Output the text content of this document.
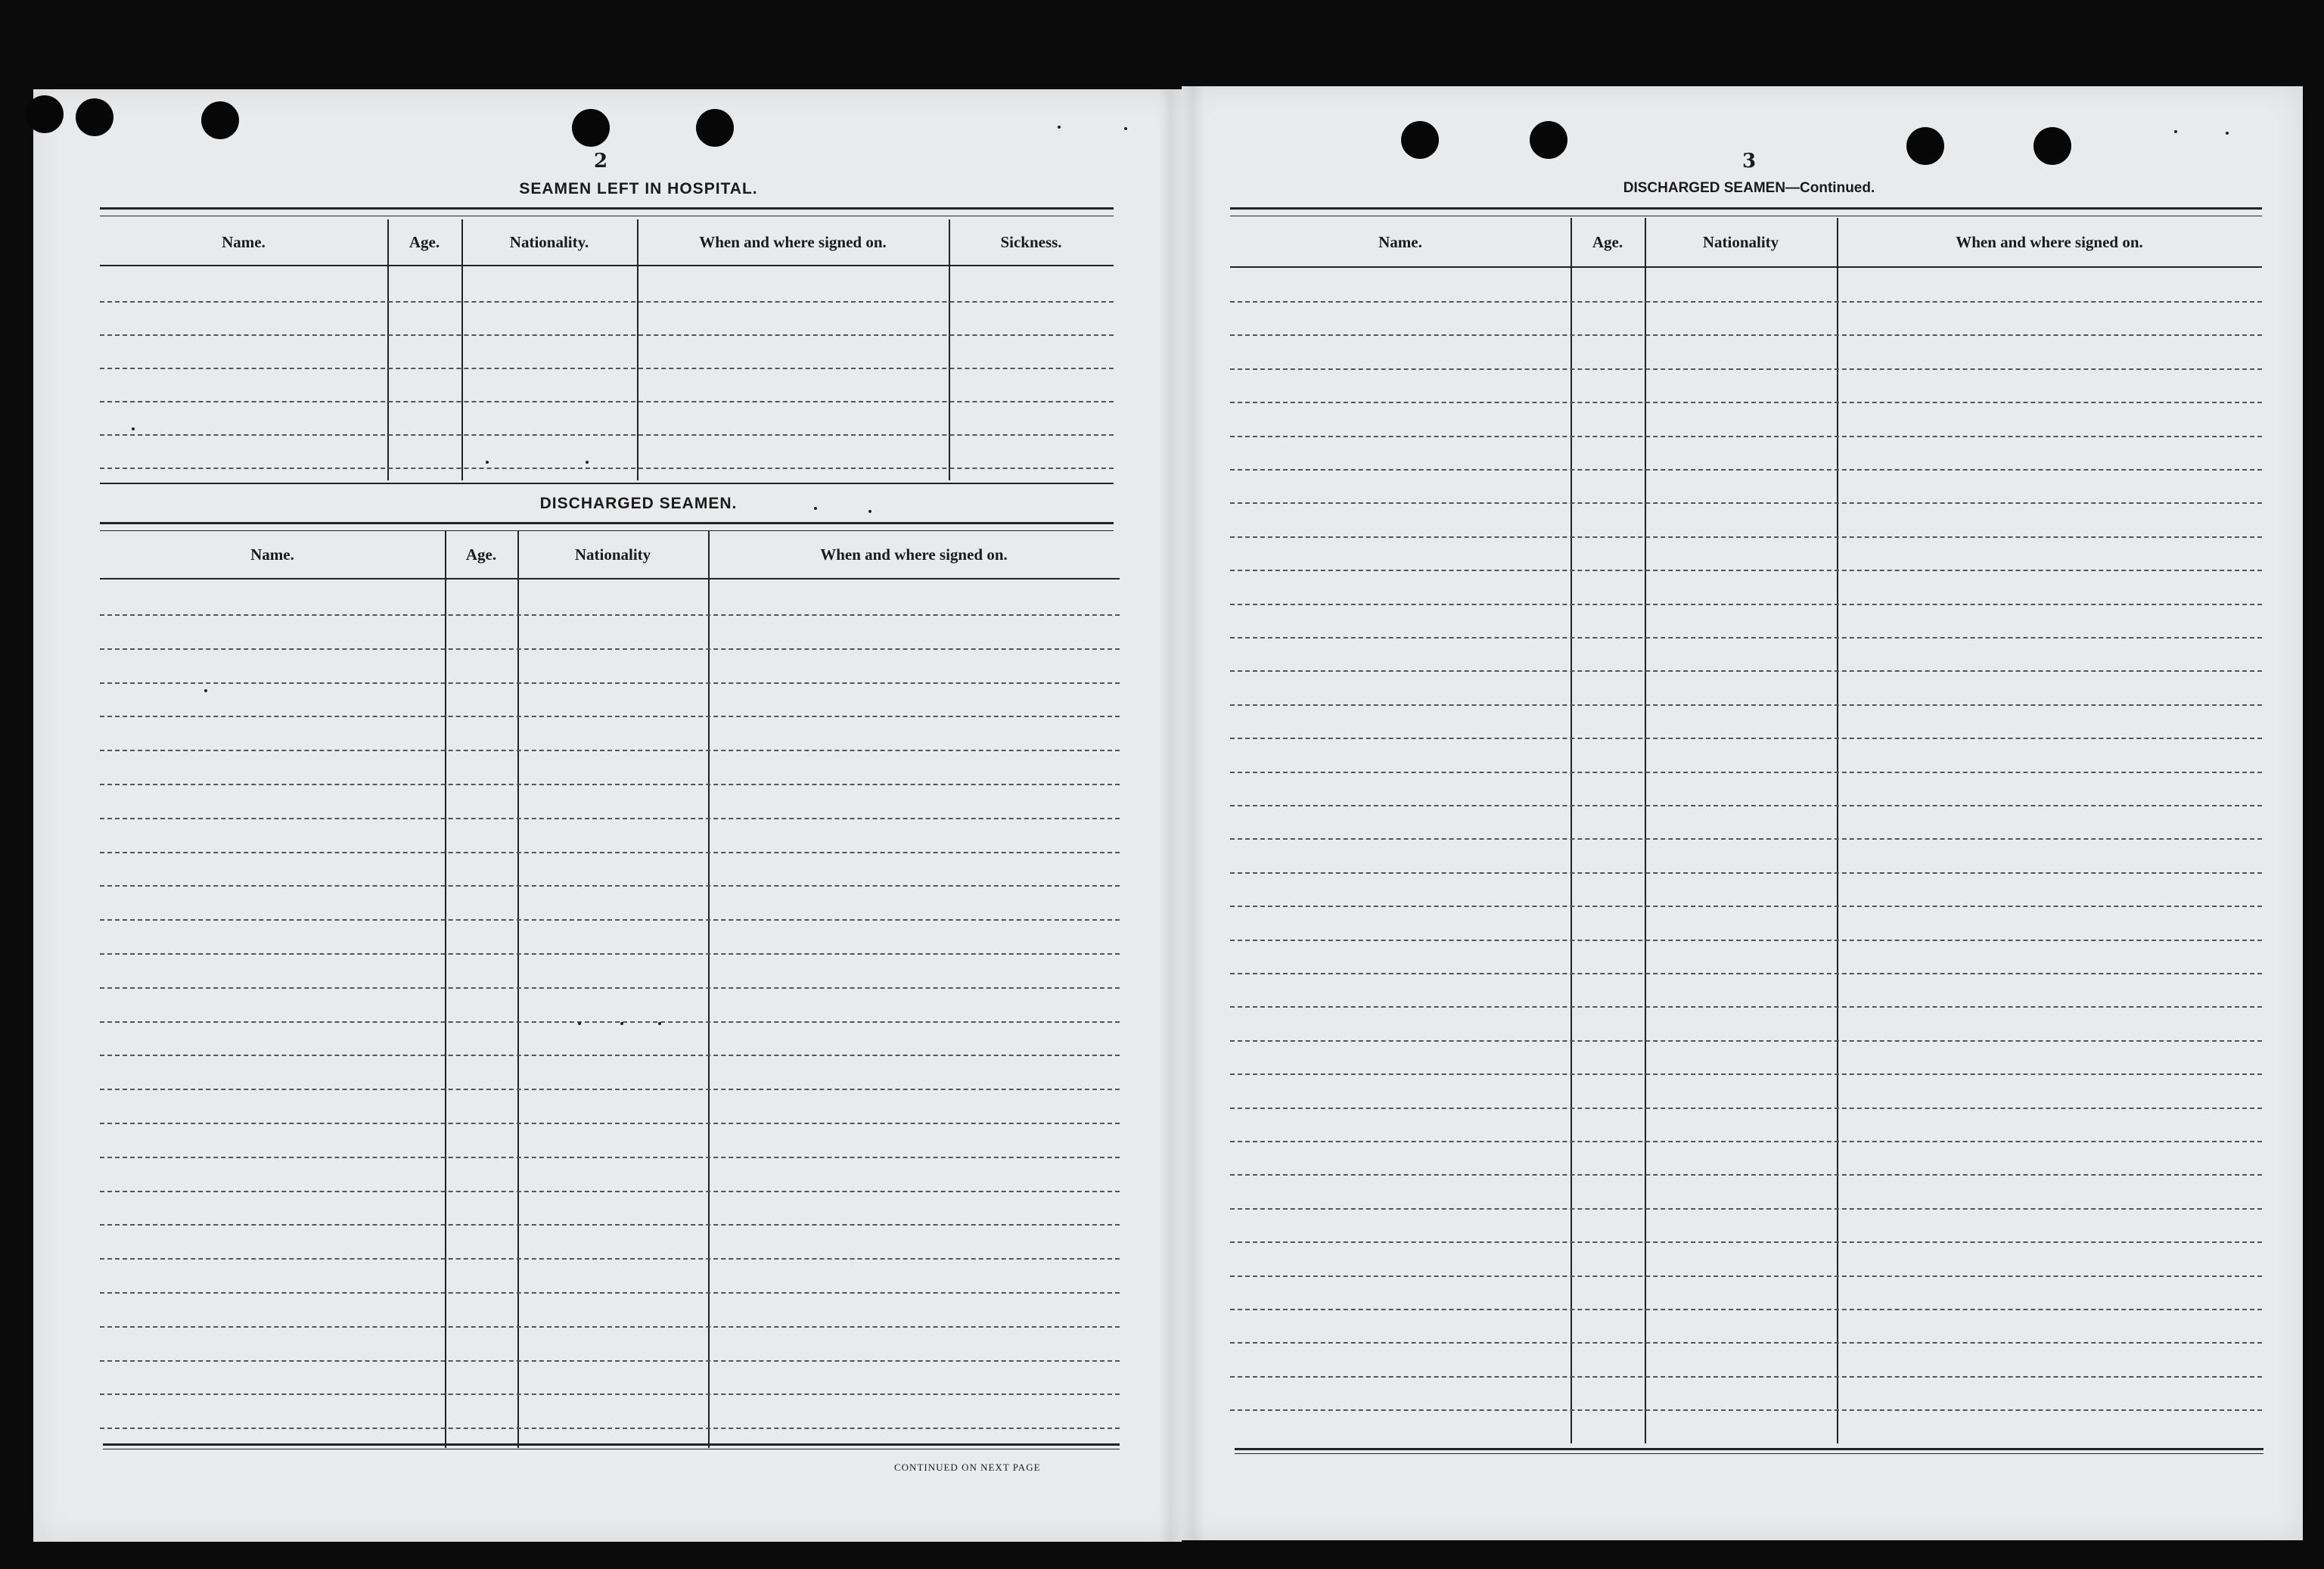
2
SEAMEN LEFT IN HOSPITAL.
Name.	Age.	Nationality.	When and where signed on.	Sickness.
DISCHARGED SEAMEN.
Name.	Age.	Nationality	When and where signed on.
CONTINUED ON NEXT PAGE
3
DISCHARGED SEAMEN—Continued.
Name.	Age.	Nationality	When and where signed on.
